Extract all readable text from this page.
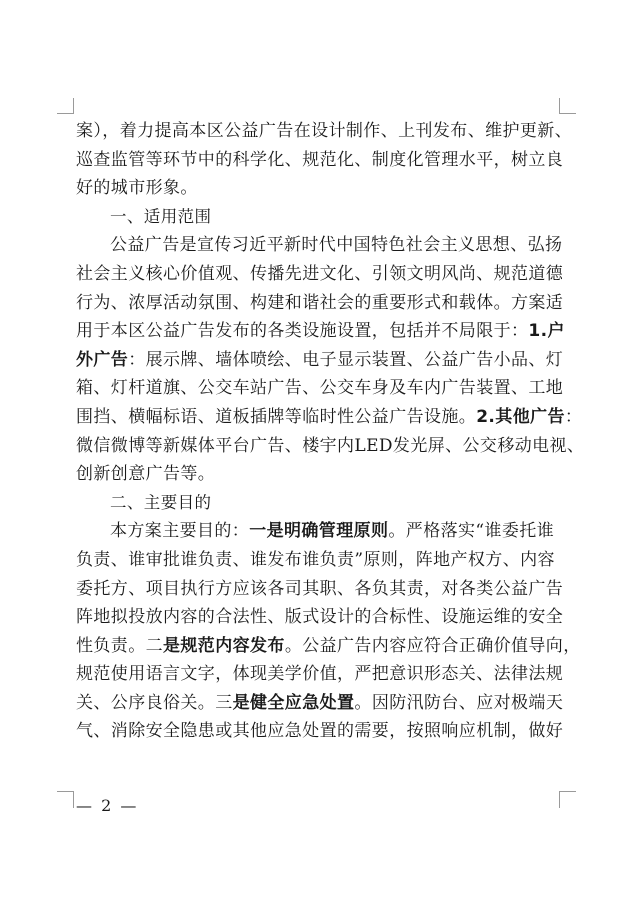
案），着力提高本区公益广告在设计制作、上刊发布、维护更新、
巡查监管等环节中的科学化、规范化、制度化管理水平，树立良
好的城市形象。
一、适用范围
公益广告是宣传习近平新时代中国特色社会主义思想、弘扬
社会主义核心价值观、传播先进文化、引领文明风尚、规范道德
行为、浓厚活动氛围、构建和谐社会的重要形式和载体。方案适
用于本区公益广告发布的各类设施设置，包括并不局限于：1.户
外广告：展示牌、墙体喷绘、电子显示装置、公益广告小品、灯
箱、灯杆道旗、公交车站广告、公交车身及车内广告装置、工地
围挡、横幅标语、道板插牌等临时性公益广告设施。2.其他广告：
微信微博等新媒体平台广告、楼宇内LED发光屏、公交移动电视、
创新创意广告等。
二、主要目的
本方案主要目的：一是明确管理原则。严格落实“谁委托谁
负责、谁审批谁负责、谁发布谁负责”原则，阵地产权方、内容
委托方、项目执行方应该各司其职、各负其责，对各类公益广告
阵地拟投放内容的合法性、版式设计的合标性、设施运维的安全
性负责。二是规范内容发布。公益广告内容应符合正确价值导向，
规范使用语言文字，体现美学价值，严把意识形态关、法律法规
关、公序良俗关。三是健全应急处置。因防汛防台、应对极端天
气、消除安全隐患或其他应急处置的需要，按照响应机制，做好
— 2 —
